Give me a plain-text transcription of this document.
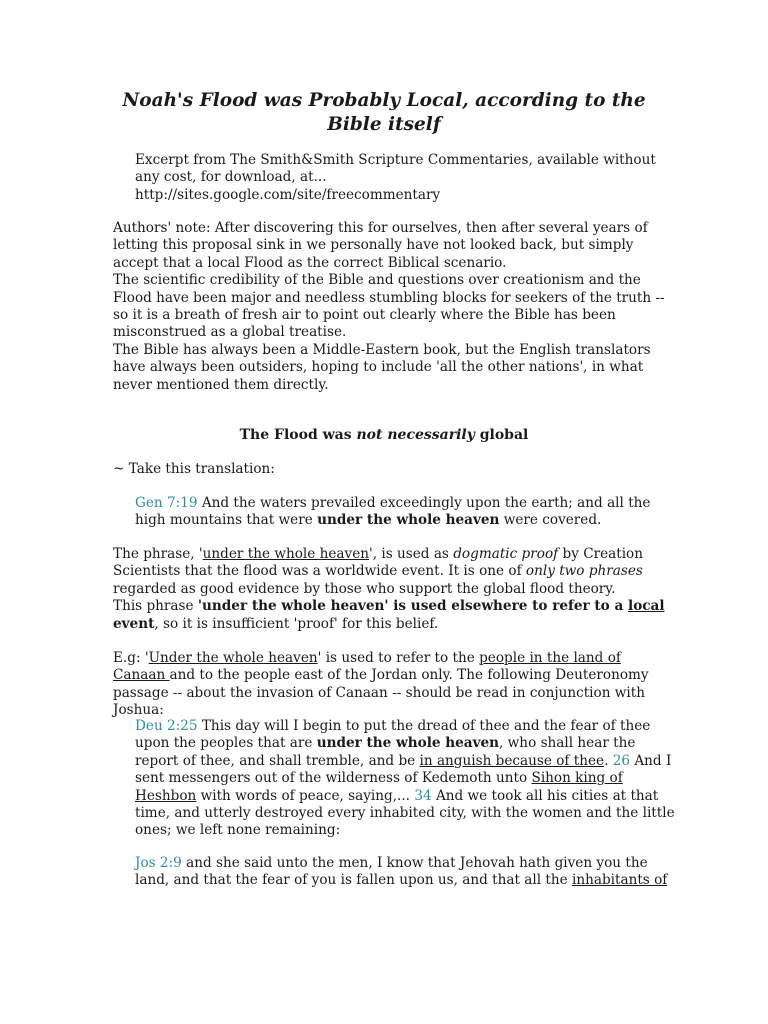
Noah's Flood was Probably Local, according to the Bible itself

Excerpt from The Smith&Smith Scripture Commentaries, available without any cost, for download, at...

http://sites.google.com/site/freecommentary

Authors' note: After discovering this for ourselves, then after several years of letting this proposal sink in we personally have not looked back, but simply accept that a local Flood as the correct Biblical scenario.

The scientific credibility of the Bible and questions over creationism and the Flood have been major and needless stumbling blocks for seekers of the truth -- so it is a breath of fresh air to point out clearly where the Bible has been misconstrued as a global treatise.

The Bible has always been a Middle-Eastern book, but the English translators have always been outsiders, hoping to include 'all the other nations', in what never mentioned them directly.

The Flood was not necessarily global
~ Take this translation:
Gen 7:19 And the waters prevailed exceedingly upon the earth; and all the high mountains that were under the whole heaven were covered.

The phrase, 'under the whole heaven', is used as dogmatic proof by Creation Scientists that the flood was a worldwide event. It is one of only two phrases regarded as good evidence by those who support the global flood theory.

This phrase 'under the whole heaven' is used elsewhere to refer to a local event, so it is insufficient 'proof' for this belief.

E.g: 'Under the whole heaven' is used to refer to the people in the land of Canaan and to the people east of the Jordan only. The following Deuteronomy passage -- about the invasion of Canaan -- should be read in conjunction with Joshua:
Deu 2:25 This day will I begin to put the dread of thee and the fear of thee upon the peoples that are under the whole heaven, who shall hear the report of thee, and shall tremble, and be in anguish because of thee. 26 And I sent messengers out of the wilderness of Kedemoth unto Sihon king of Heshbon with words of peace, saying,... 34 And we took all his cities at that time, and utterly destroyed every inhabited city, with the women and the little ones; we left none remaining:
Jos 2:9 and she said unto the men, I know that Jehovah hath given you the land, and that the fear of you is fallen upon us, and that all the inhabitants of
